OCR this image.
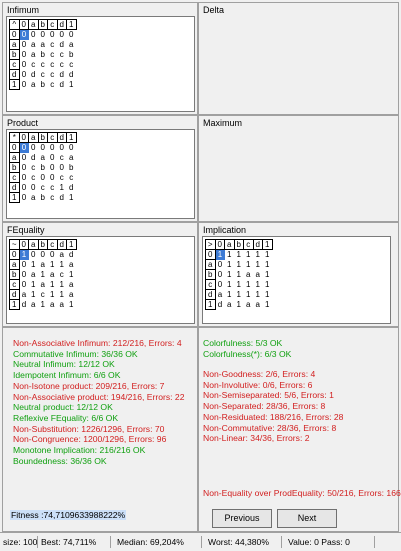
Infimum
^	0	a	b	c	d	1
0	0	0	0	0	0	0
a	0	a	a	c	d	a
b	0	a	b	c	c	b
c	0	c	c	c	c	c
d	0	d	c	c	d	d
1	0	a	b	c	d	1
Delta
Product
*	0	a	b	c	d	1
0	0	0	0	0	0	0
a	0	d	a	0	c	a
b	0	c	b	0	0	b
c	0	c	0	0	c	c
d	0	0	c	c	1	d
1	0	a	b	c	d	1
Maximum
FEquality
~	0	a	b	c	d	1
0	1	0	0	0	a	d
a	0	1	a	1	1	a
b	0	a	1	a	c	1
c	0	1	a	1	1	a
d	a	1	c	1	1	a
1	d	a	1	a	a	1
Implication
>	0	a	b	c	d	1
0	1	1	1	1	1	1
a	0	1	1	1	1	1
b	0	1	1	a	a	1
c	0	1	1	1	1	1
d	a	1	1	1	1	1
1	d	a	1	a	a	1
Non-Associative Infimum: 212/216, Errors: 4
Commutative Infimum: 36/36 OK
Neutral Infimum: 12/12 OK
Idempotent Infimum: 6/6 OK
Non-Isotone product: 209/216, Errors: 7
Non-Associative product: 194/216, Errors: 22
Neutral product: 12/12 OK
Reflexive FEquality: 6/6 OK
Non-Substitution: 1226/1296, Errors: 70
Non-Congruence: 1200/1296, Errors: 96
Monotone Implication: 216/216 OK
Boundedness: 36/36 OK
Colorfulness: 5/3 OK
Colorfulness(*): 6/3 OK
Non-Goodness: 2/6, Errors: 4
Non-Involutive: 0/6, Errors: 6
Non-Semiseparated: 5/6, Errors: 1
Non-Separated: 28/36, Errors: 8
Non-Residuated: 188/216, Errors: 28
Non-Commutative: 28/36, Errors: 8
Non-Linear: 34/36, Errors: 2
Non-Equality over ProdEquality: 50/216, Errors: 166
Fitness :74,7109633988222%	Previous	Next
size: 100 Best: 74,711%	Median: 69,204%	Worst: 44,380%	Value: 0 Pass: 0
